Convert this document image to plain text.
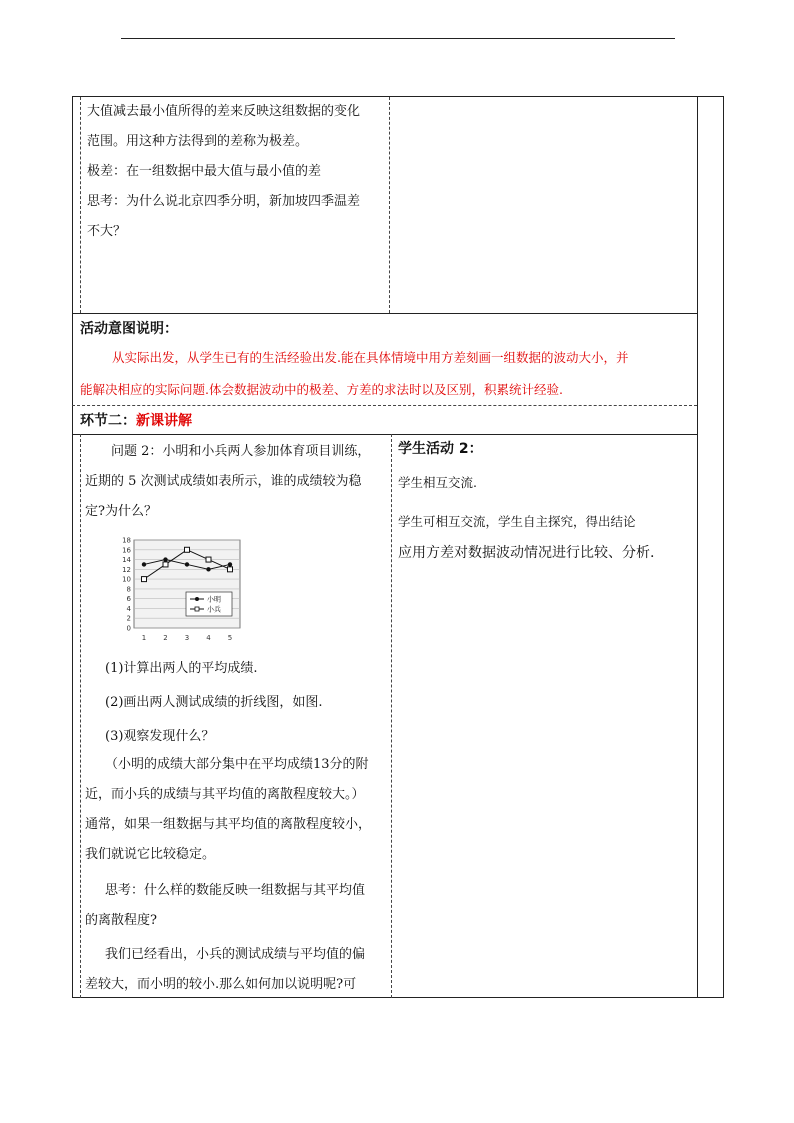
大值减去最小值所得的差来反映这组数据的变化

范围。用这种方法得到的差称为极差。

极差：在一组数据中最大值与最小值的差

思考：为什么说北京四季分明，新加坡四季温差

不大？

活动意图说明：

从实际出发，从学生已有的生活经验出发.能在具体情境中用方差刻画一组数据的波动大小，并

能解决相应的实际问题.体会数据波动中的极差、方差的求法时以及区别，积累统计经验.

环节二：新课讲解

问题 2：小明和小兵两人参加体育项目训练，

近期的 5 次测试成绩如表所示，谁的成绩较为稳

定?为什么？

0
2
4
6
8
10
12
14
16
18
1 2 3 4 5
小明
小兵

(1)计算出两人的平均成绩.

(2)画出两人测试成绩的折线图，如图.

(3)观察发现什么？

（小明的成绩大部分集中在平均成绩13分的附

近，而小兵的成绩与其平均值的离散程度较大。）

通常，如果一组数据与其平均值的离散程度较小，

我们就说它比较稳定。

思考：什么样的数能反映一组数据与其平均值

的离散程度?

我们已经看出，小兵的测试成绩与平均值的偏

差较大，而小明的较小.那么如何加以说明呢?可

学生活动 2：
学生相互交流.
学生可相互交流，学生自主探究，得出结论
应用方差对数据波动情况进行比较、分析.
